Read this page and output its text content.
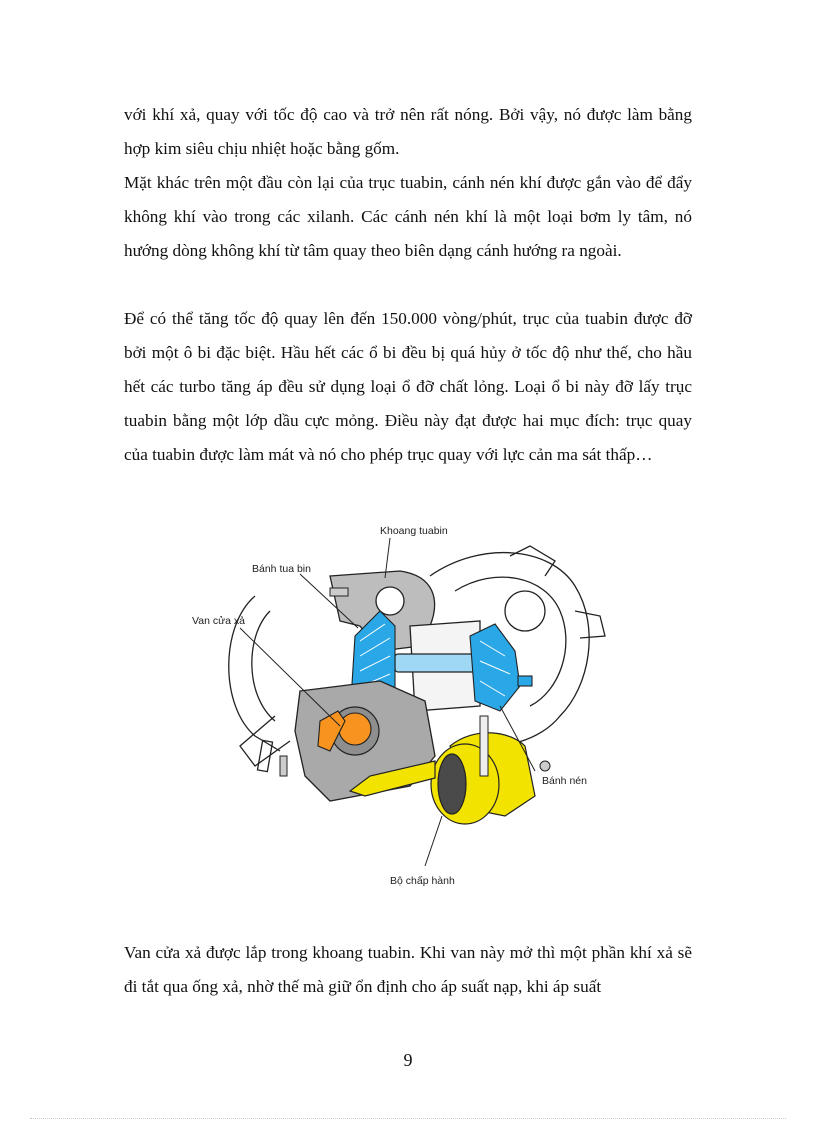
với khí xả, quay với tốc độ cao và trở nên rất nóng. Bởi vậy, nó được làm bằng hợp kim siêu chịu nhiệt hoặc bằng gốm.

Mặt khác trên một đầu còn lại của trục tuabin, cánh nén khí được gắn vào để đẩy không khí vào trong các xilanh. Các cánh nén khí là một loại bơm ly tâm, nó hướng dòng không khí từ tâm quay theo biên dạng cánh hướng ra ngoài.

Để có thể tăng tốc độ quay lên đến 150.000 vòng/phút, trục của tuabin được đỡ bởi một ô bi đặc biệt. Hầu hết các ổ bi đều bị quá hủy ở tốc độ như thế, cho hầu hết các turbo tăng áp đều sử dụng loại ổ đỡ chất lỏng. Loại ổ bi này đỡ lấy trục tuabin bằng một lớp dầu cực mỏng. Điều này đạt được hai mục đích: trục quay của tuabin được làm mát và nó cho phép trục quay với lực cản ma sát thấp…

Khoang tuabin
Bánh tua bin
Van cửa xả
Bánh nén
Bộ chấp hành

Van cửa xả được lắp trong khoang tuabin. Khi van này mở thì một phần khí xả sẽ đi tắt qua ống xả, nhờ thế mà giữ ổn định cho áp suất nạp, khi áp suất

9
